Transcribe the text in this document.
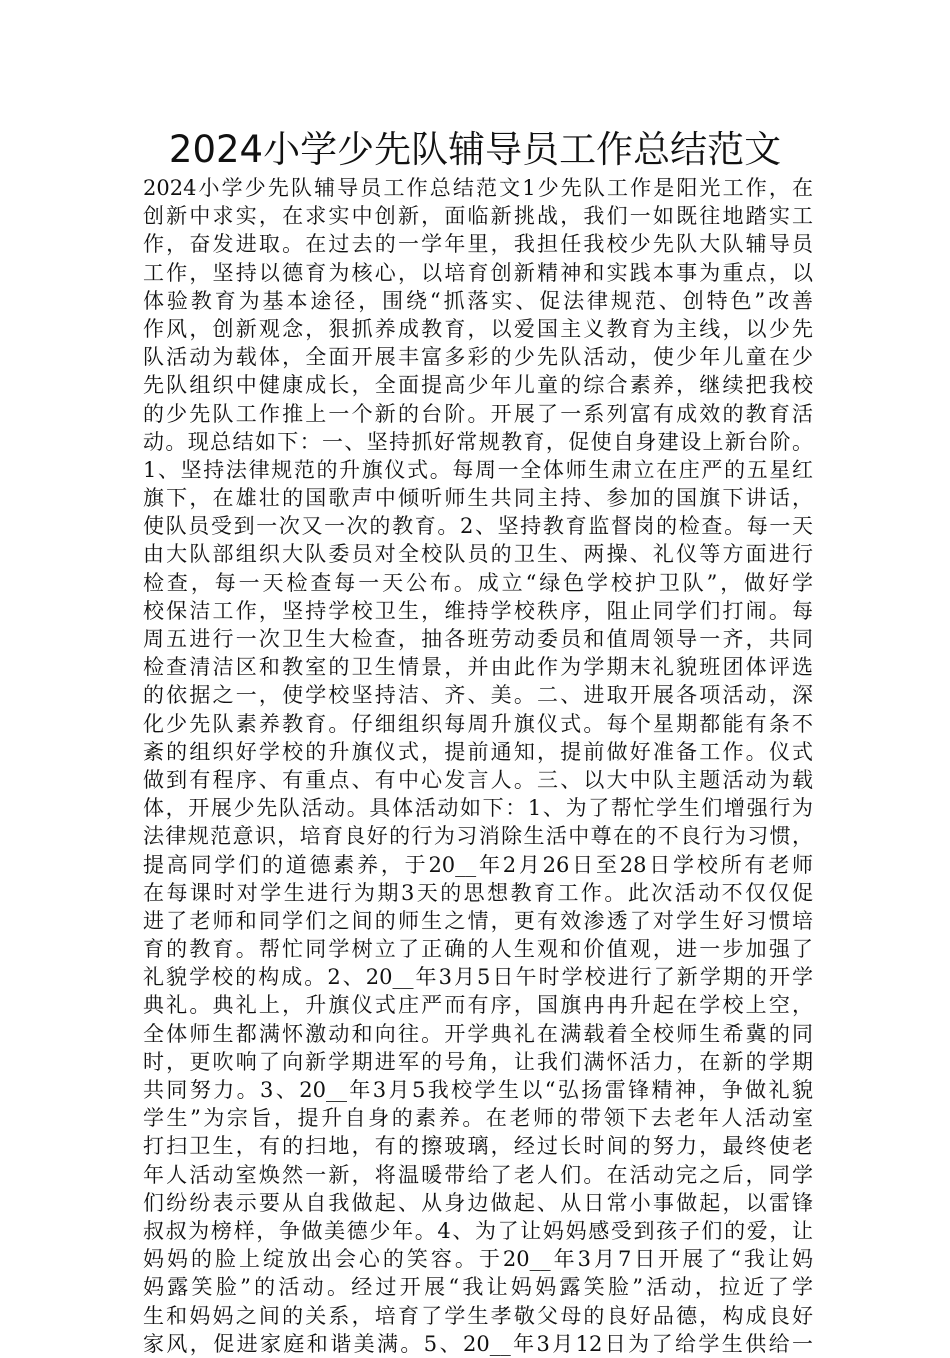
2024小学少先队辅导员工作总结范文
2024小学少先队辅导员工作总结范文1少先队工作是阳光工作，在
创新中求实，在求实中创新，面临新挑战，我们一如既往地踏实工
作，奋发进取。在过去的一学年里，我担任我校少先队大队辅导员
工作，坚持以德育为核心，以培育创新精神和实践本事为重点，以
体验教育为基本途径，围绕“抓落实、促法律规范、创特色”改善
作风，创新观念，狠抓养成教育，以爱国主义教育为主线，以少先
队活动为载体，全面开展丰富多彩的少先队活动，使少年儿童在少
先队组织中健康成长，全面提高少年儿童的综合素养，继续把我校
的少先队工作推上一个新的台阶。开展了一系列富有成效的教育活
动。现总结如下：一、坚持抓好常规教育，促使自身建设上新台阶。
1、坚持法律规范的升旗仪式。每周一全体师生肃立在庄严的五星红
旗下，在雄壮的国歌声中倾听师生共同主持、参加的国旗下讲话，
使队员受到一次又一次的教育。2、坚持教育监督岗的检查。每一天
由大队部组织大队委员对全校队员的卫生、两操、礼仪等方面进行
检查，每一天检查每一天公布。成立“绿色学校护卫队”，做好学
校保洁工作，坚持学校卫生，维持学校秩序，阻止同学们打闹。每
周五进行一次卫生大检查，抽各班劳动委员和值周领导一齐，共同
检查清洁区和教室的卫生情景，并由此作为学期末礼貌班团体评选
的依据之一，使学校坚持洁、齐、美。二、进取开展各项活动，深
化少先队素养教育。仔细组织每周升旗仪式。每个星期都能有条不
紊的组织好学校的升旗仪式，提前通知，提前做好准备工作。仪式
做到有程序、有重点、有中心发言人。三、以大中队主题活动为载
体，开展少先队活动。具体活动如下：1、为了帮忙学生们增强行为
法律规范意识，培育良好的行为习消除生活中尊在的不良行为习惯，
提高同学们的道德素养，于20__年2月26日至28日学校所有老师
在每课时对学生进行为期3天的思想教育工作。此次活动不仅仅促
进了老师和同学们之间的师生之情，更有效渗透了对学生好习惯培
育的教育。帮忙同学树立了正确的人生观和价值观，进一步加强了
礼貌学校的构成。2、20__年3月5日午时学校进行了新学期的开学
典礼。典礼上，升旗仪式庄严而有序，国旗冉冉升起在学校上空，
全体师生都满怀激动和向往。开学典礼在满载着全校师生希冀的同
时，更吹响了向新学期进军的号角，让我们满怀活力，在新的学期
共同努力。3、20__年3月5我校学生以“弘扬雷锋精神，争做礼貌
学生”为宗旨，提升自身的素养。在老师的带领下去老年人活动室
打扫卫生，有的扫地，有的擦玻璃，经过长时间的努力，最终使老
年人活动室焕然一新，将温暖带给了老人们。在活动完之后，同学
们纷纷表示要从自我做起、从身边做起、从日常小事做起，以雷锋
叔叔为榜样，争做美德少年。4、为了让妈妈感受到孩子们的爱，让
妈妈的脸上绽放出会心的笑容。于20__年3月7日开展了“我让妈
妈露笑脸”的活动。经过开展“我让妈妈露笑脸”活动，拉近了学
生和妈妈之间的关系，培育了学生孝敬父母的良好品德，构成良好
家风，促进家庭和谐美满。5、20__年3月12日为了给学生供给一
